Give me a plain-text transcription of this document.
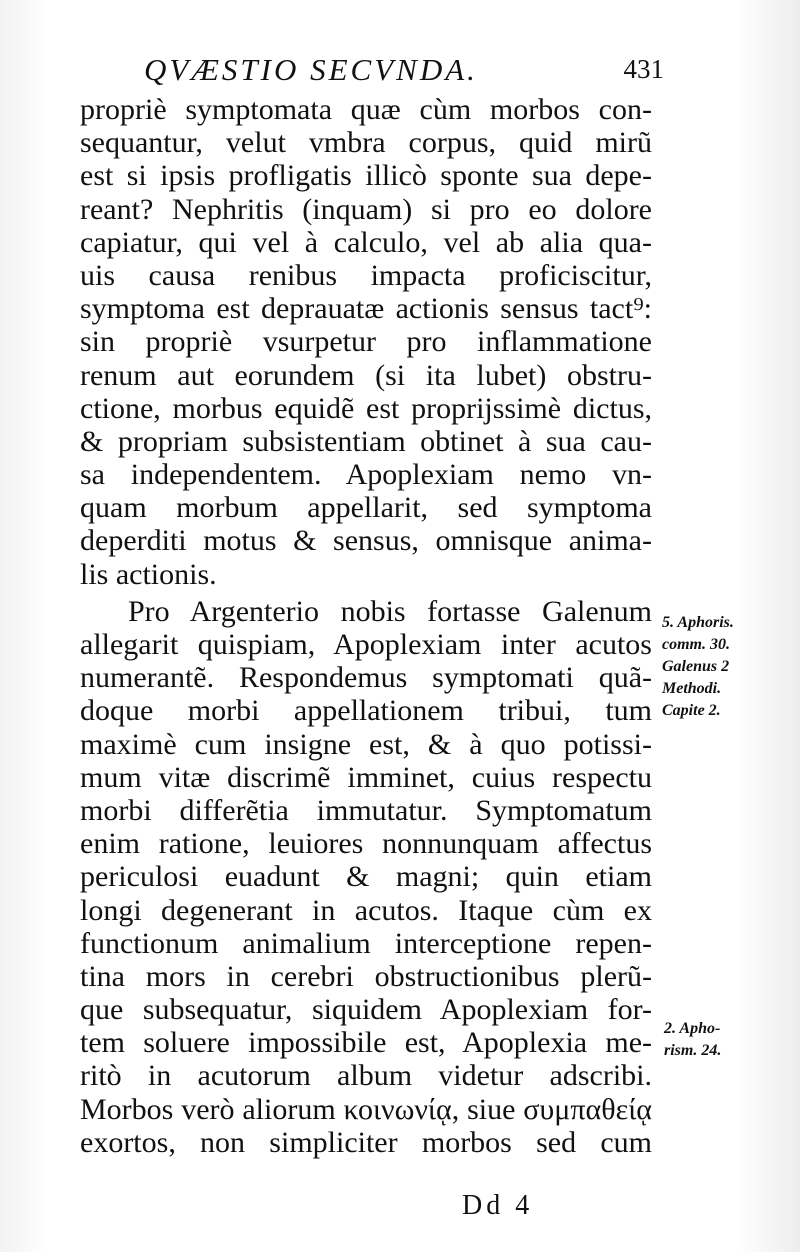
QVÆSTIO SECVNDA.	431
propriè symptomata quæ cùm morbos con-
sequantur, velut vmbra corpus, quid mirũ
est si ipsis profligatis illicò sponte sua depe-
reant? Nephritis (inquam) si pro eo dolore
capiatur, qui vel à calculo, vel ab alia qua-
uis causa renibus impacta proficiscitur,
symptoma est deprauatæ actionis sensus tact⁹:
sin propriè vsurpetur pro inflammatione
renum aut eorundem (si ita lubet) obstru-
ctione, morbus equidẽ est proprijssimè dictus,
& propriam subsistentiam obtinet à sua cau-
sa independentem. Apoplexiam nemo vn-
quam morbum appellarit, sed symptoma
deperditi motus & sensus, omnisque anima-
lis actionis.
Pro Argenterio nobis fortasse Galenum
allegarit quispiam, Apoplexiam inter acutos
numerantẽ. Respondemus symptomati quã-
doque morbi appellationem tribui, tum
maximè cum insigne est, & à quo potissi-
mum vitæ discrimẽ imminet, cuius respectu
morbi differẽtia immutatur. Symptomatum
enim ratione, leuiores nonnunquam affectus
periculosi euadunt & magni; quin etiam
longi degenerant in acutos. Itaque cùm ex
functionum animalium interceptione repen-
tina mors in cerebri obstructionibus plerũ-
que subsequatur, siquidem Apoplexiam for-
tem soluere impossibile est, Apoplexia me-
ritò in acutorum album videtur adscribi.
Morbos verò aliorum κοινωνίᾳ, siue συμπαθείᾳ
exortos, non simpliciter morbos sed cum
5. Aphoris.
comm. 30.
Galenus 2
Methodi.
Capite 2.
2. Apho-
rism. 24.
Dd 4
